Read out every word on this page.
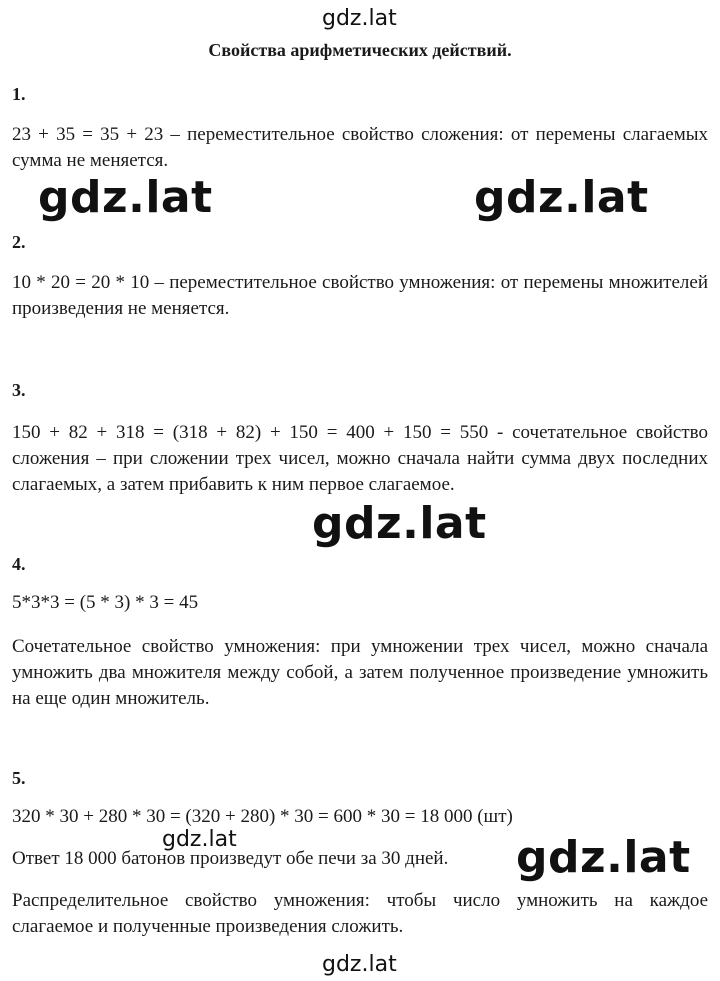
gdz.lat
Свойства арифметических действий.
1.
23 + 35 = 35 + 23 – переместительное свойство сложения: от перемены слагаемых сумма не меняется.
gdz.lat	gdz.lat
2.
10 * 20 = 20 * 10 – переместительное свойство умножения: от перемены множителей произведения не меняется.
3.
150 + 82 + 318 = (318 + 82) + 150 = 400 + 150 = 550 - сочетательное свойство сложения – при сложении трех чисел, можно сначала найти сумма двух последних слагаемых, а затем прибавить к ним первое слагаемое.
gdz.lat
4.
5*3*3 = (5 * 3) * 3 = 45
Сочетательное свойство умножения: при умножении трех чисел, можно сначала умножить два множителя между собой, а затем полученное произведение умножить на еще один множитель.
5.
320 * 30 + 280 * 30 = (320 + 280) * 30 = 600 * 30 = 18 000 (шт)
gdz.lat
Ответ 18 000 батонов произведут обе печи за 30 дней. gdz.lat
Распределительное свойство умножения: чтобы число умножить на каждое слагаемое и полученные произведения сложить.
gdz.lat
